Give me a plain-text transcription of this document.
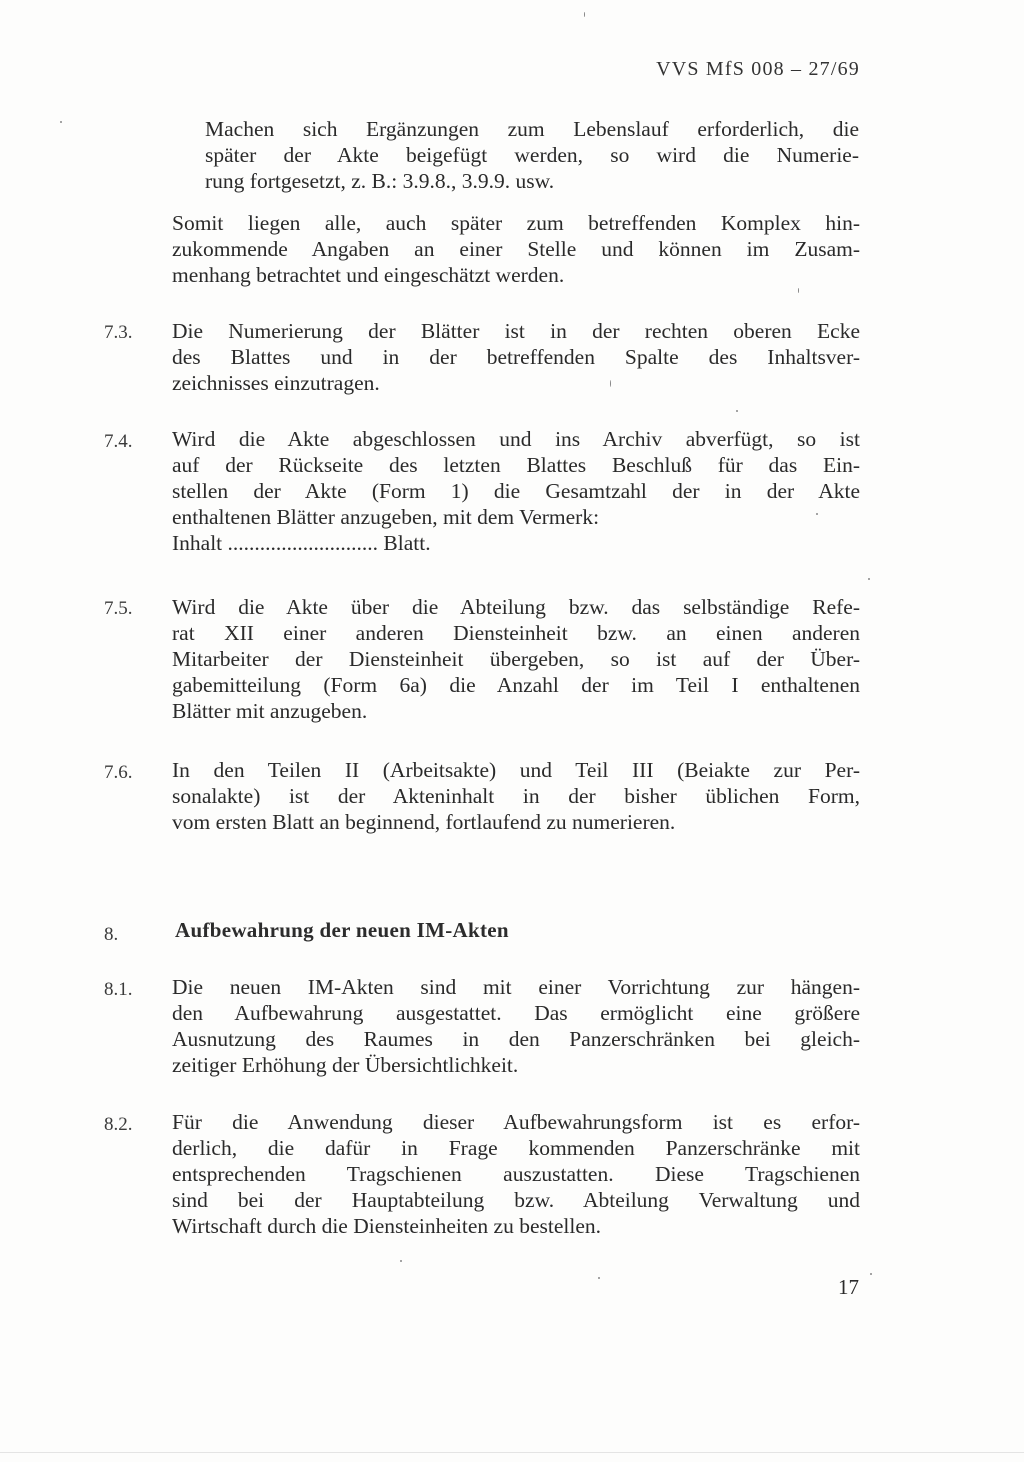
VVS MfS 008 – 27/69
Machen sich Ergänzungen zum Lebenslauf erforderlich, die
später der Akte beigefügt werden, so wird die Numerie-
rung fortgesetzt, z. B.: 3.9.8., 3.9.9. usw.
Somit liegen alle, auch später zum betreffenden Komplex hin-
zukommende Angaben an einer Stelle und können im Zusam-
menhang betrachtet und eingeschätzt werden.
7.3. Die Numerierung der Blätter ist in der rechten oberen Ecke
des Blattes und in der betreffenden Spalte des Inhaltsver-
zeichnisses einzutragen.
7.4. Wird die Akte abgeschlossen und ins Archiv abverfügt, so ist
auf der Rückseite des letzten Blattes Beschluß für das Ein-
stellen der Akte (Form 1) die Gesamtzahl der in der Akte
enthaltenen Blätter anzugeben, mit dem Vermerk:
Inhalt ............................ Blatt.
7.5. Wird die Akte über die Abteilung bzw. das selbständige Refe-
rat XII einer anderen Diensteinheit bzw. an einen anderen
Mitarbeiter der Diensteinheit übergeben, so ist auf der Über-
gabemitteilung (Form 6a) die Anzahl der im Teil I enthaltenen
Blätter mit anzugeben.
7.6. In den Teilen II (Arbeitsakte) und Teil III (Beiakte zur Per-
sonalakte) ist der Akteninhalt in der bisher üblichen Form,
vom ersten Blatt an beginnend, fortlaufend zu numerieren.
8.	Aufbewahrung der neuen IM-Akten
8.1. Die neuen IM-Akten sind mit einer Vorrichtung zur hängen-
den Aufbewahrung ausgestattet. Das ermöglicht eine größere
Ausnutzung des Raumes in den Panzerschränken bei gleich-
zeitiger Erhöhung der Übersichtlichkeit.
8.2. Für die Anwendung dieser Aufbewahrungsform ist es erfor-
derlich, die dafür in Frage kommenden Panzerschränke mit
entsprechenden Tragschienen auszustatten. Diese Tragschienen
sind bei der Hauptabteilung bzw. Abteilung Verwaltung und
Wirtschaft durch die Diensteinheiten zu bestellen.
17
